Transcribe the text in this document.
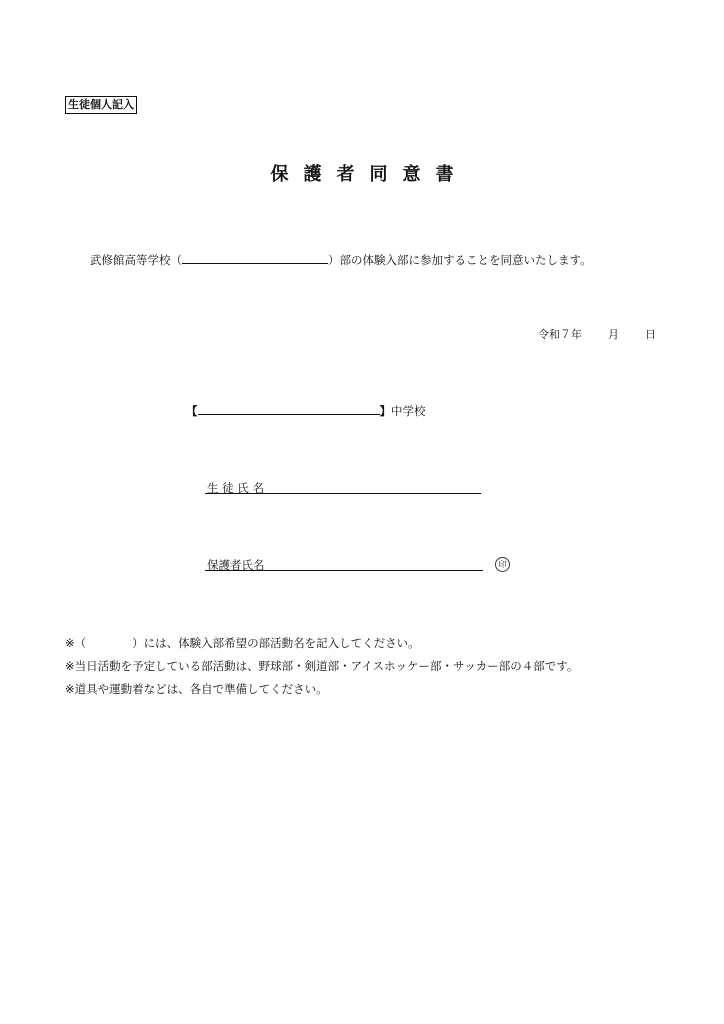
生徒個人記入
保護者同意書
武修館高等学校（	）部の体験入部に参加することを同意いたします。
令和７年 月 日
【	】中学校
生 徒 氏 名
保護者氏名	印
※（　　　　）には、体験入部希望の部活動名を記入してください。
※当日活動を予定している部活動は、野球部・剣道部・アイスホッケー部・サッカー部の４部です。
※道具や運動着などは、各自で準備してください。
